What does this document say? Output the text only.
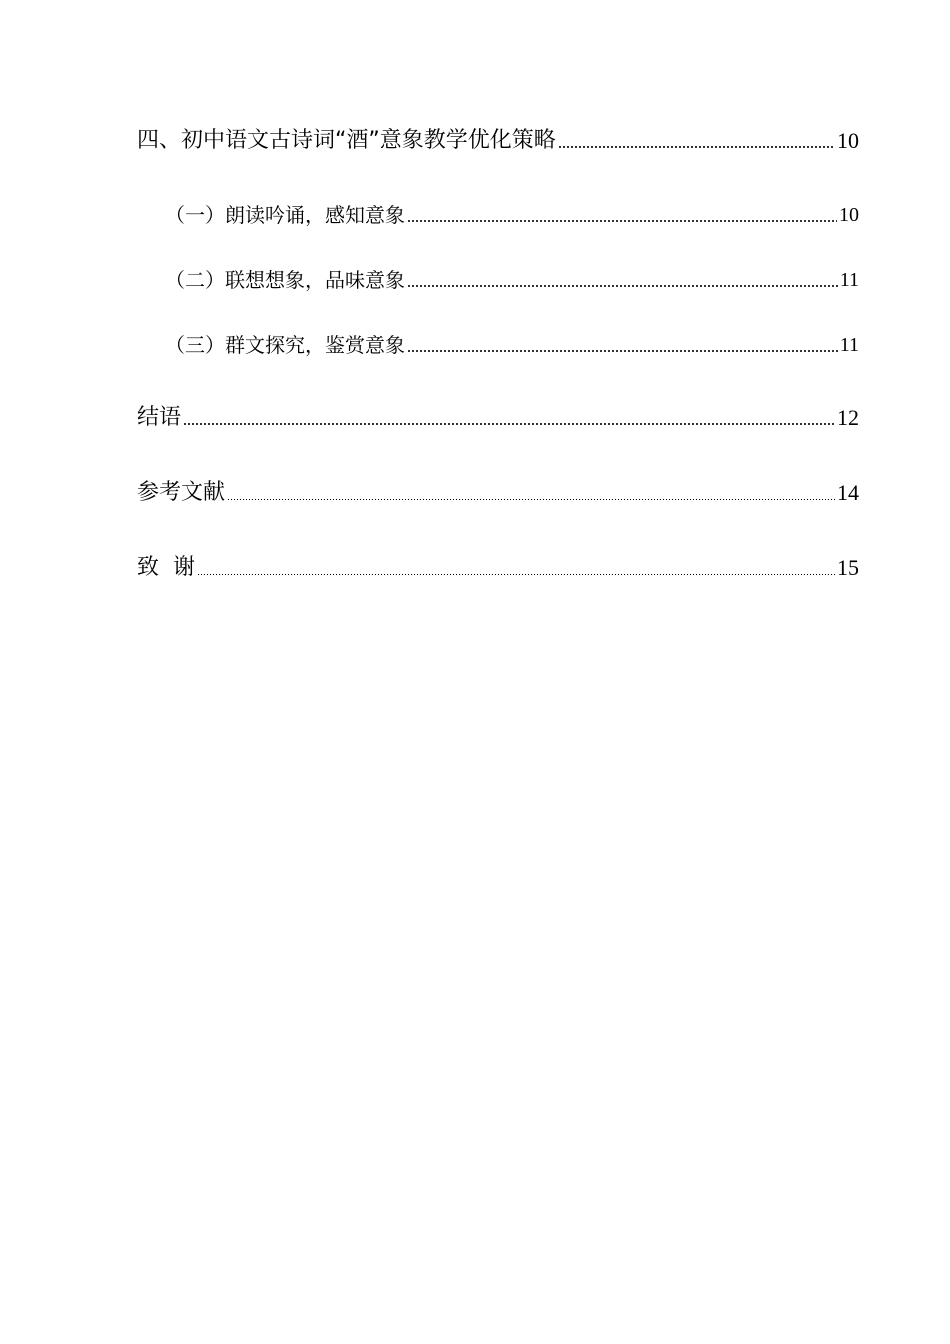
四、初中语文古诗词“酒”意象教学优化策略	10
（一）朗读吟诵，感知意象	10
（二）联想想象，品味意象	11
（三）群文探究，鉴赏意象	11
结语	12
参考文献	14
致  谢	15
